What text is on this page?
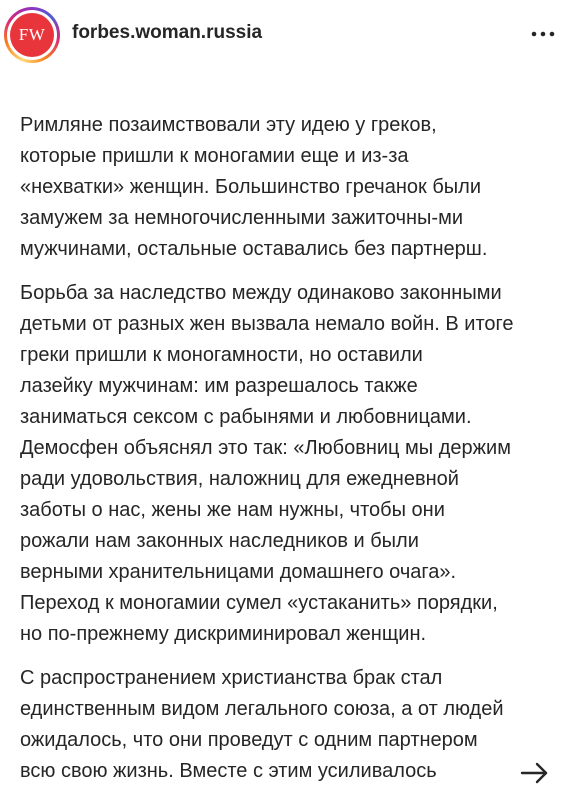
FW forbes.woman.russia

Римляне позаимствовали эту идею у греков,
которые пришли к моногамии еще и из-за
«нехватки» женщин. Большинство гречанок были
замужем за немногочисленными зажиточны-ми
мужчинами, остальные оставались без партнерш.

Борьба за наследство между одинаково законными
детьми от разных жен вызвала немало войн. В итоге
греки пришли к моногамности, но оставили
лазейку мужчинам: им разрешалось также
заниматься сексом с рабынями и любовницами.
Демосфен объяснял это так: «Любовниц мы держим
ради удовольствия, наложниц для ежедневной
заботы о нас, жены же нам нужны, чтобы они
рожали нам законных наследников и были
верными хранительницами домашнего очага».
Переход к моногамии сумел «устаканить» порядки,
но по-прежнему дискриминировал женщин.

С распространением христианства брак стал
единственным видом легального союза, а от людей
ожидалось, что они проведут с одним партнером
всю свою жизнь. Вместе с этим усиливалось
